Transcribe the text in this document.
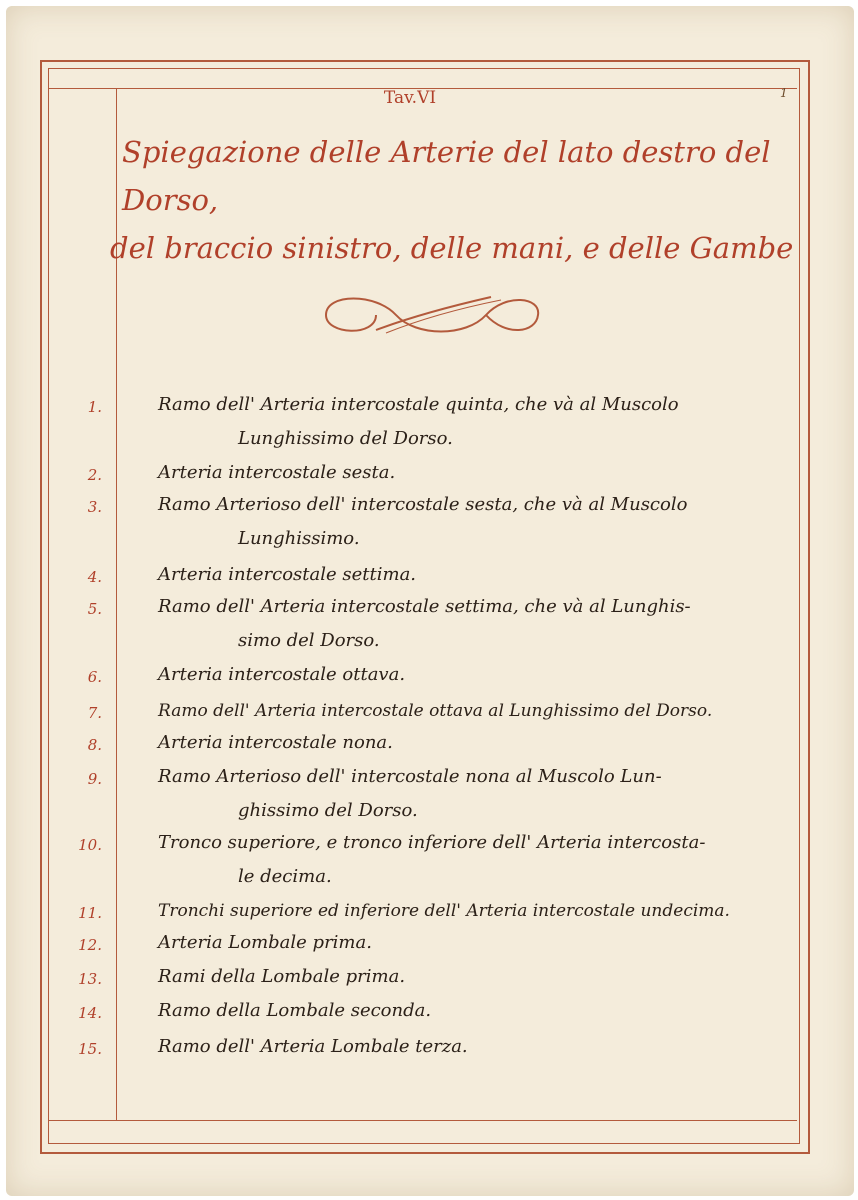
Tav.VI	1
Spiegazione delle Arterie del lato destro del Dorso,
del braccio sinistro, delle mani, e delle Gambe
1.	Ramo dell' Arteria intercostale quinta, che và al Muscolo
Lunghissimo del Dorso.
2.	Arteria intercostale sesta.
3.	Ramo Arterioso dell' intercostale sesta, che và al Muscolo
Lunghissimo.
4.	Arteria intercostale settima.
5.	Ramo dell' Arteria intercostale settima, che và al Lunghis-
simo del Dorso.
6.	Arteria intercostale ottava.
7.	Ramo dell' Arteria intercostale ottava al Lunghissimo del Dorso.
8.	Arteria intercostale nona.
9.	Ramo Arterioso dell' intercostale nona al Muscolo Lun-
ghissimo del Dorso.
10.	Tronco superiore, e tronco inferiore dell' Arteria intercosta-
le decima.
11.	Tronchi superiore ed inferiore dell' Arteria intercostale undecima.
12.	Arteria Lombale prima.
13.	Rami della Lombale prima.
14.	Ramo della Lombale seconda.
15.	Ramo dell' Arteria Lombale terza.
